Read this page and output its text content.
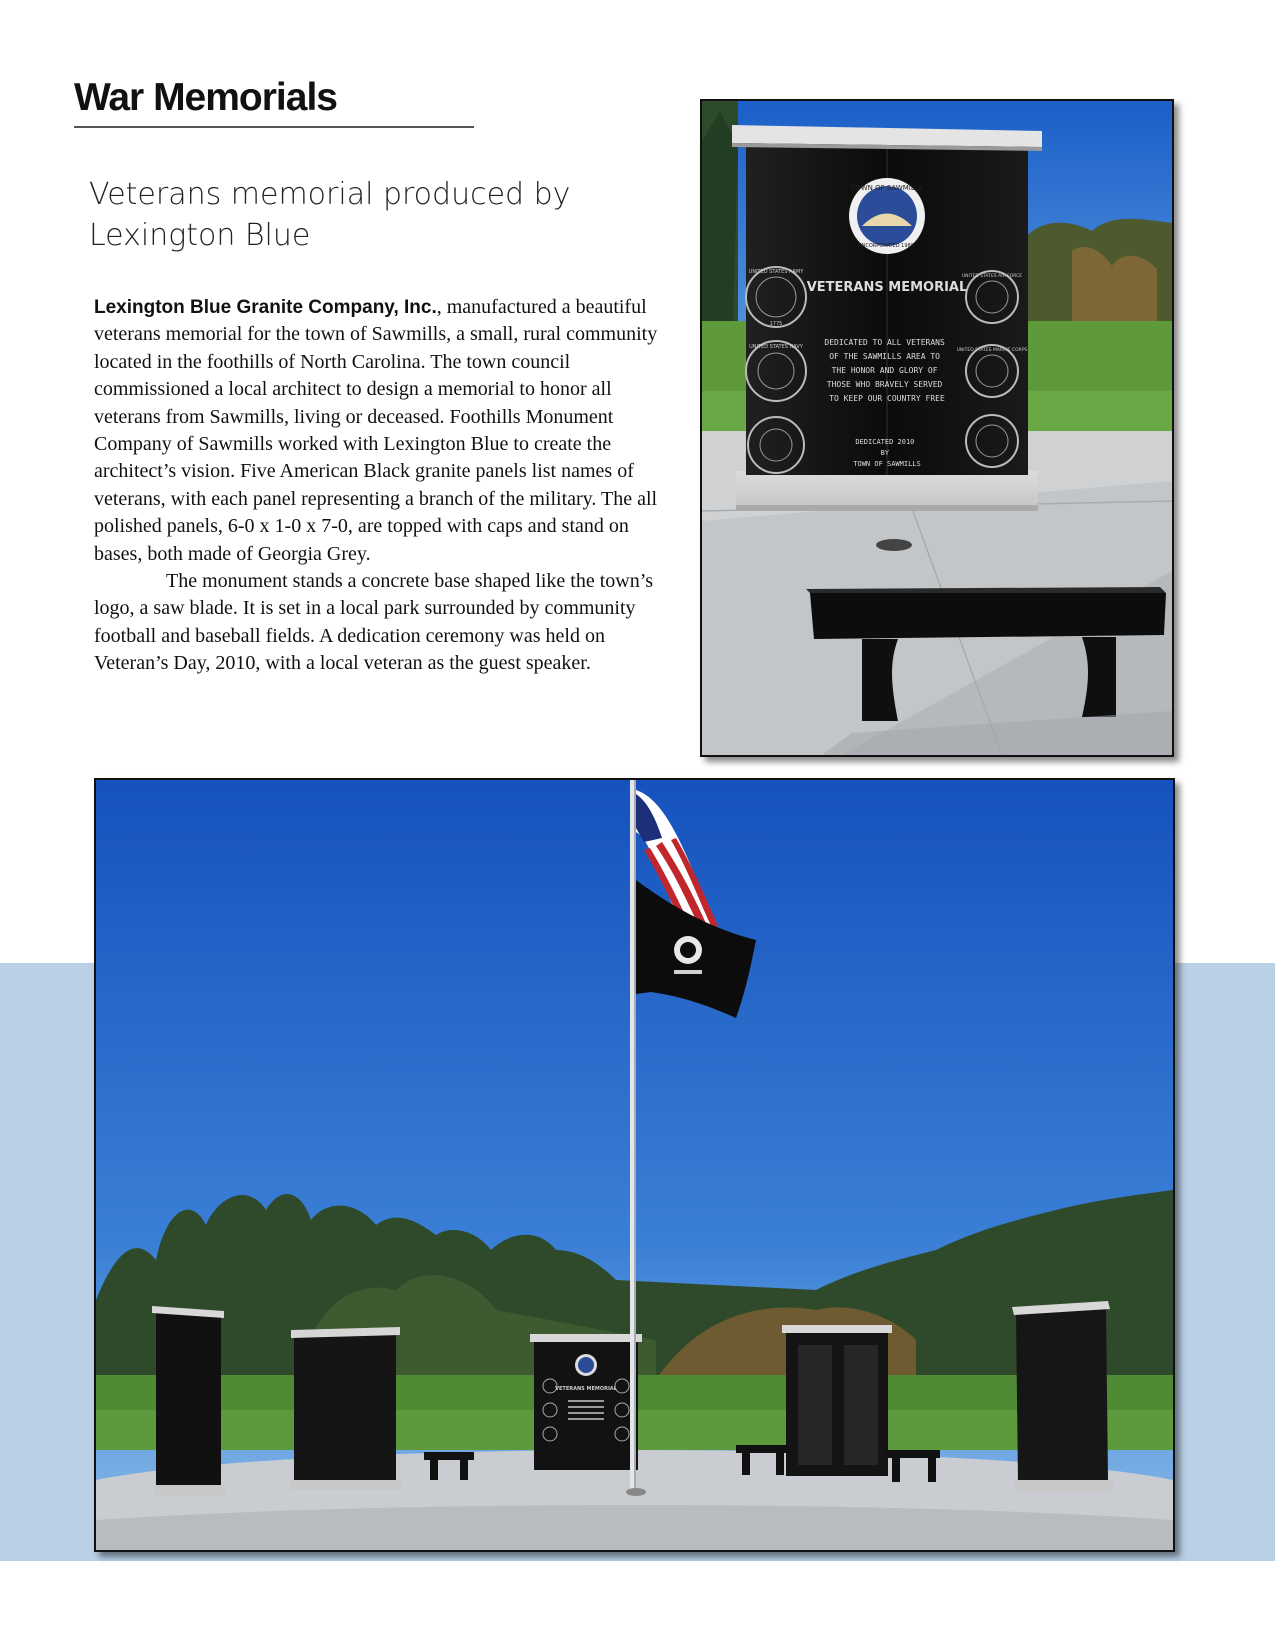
War Memorials
Veterans memorial produced by Lexington Blue

Lexington Blue Granite Company, Inc., manufactured a beautiful veterans memorial for the town of Sawmills, a small, rural community located in the foothills of North Carolina. The town council commissioned a local architect to design a memorial to honor all veterans from Sawmills, living or deceased. Foothills Monument Company of Sawmills worked with Lexington Blue to create the architect’s vision. Five American Black granite panels list names of veterans, with each panel representing a branch of the military. The all polished panels, 6-0 x 1-0 x 7-0, are topped with caps and stand on bases, both made of Georgia Grey.

The monument stands a concrete base shaped like the town’s logo, a saw blade. It is set in a local park surrounded by community football and baseball fields. A dedication ceremony was held on Veteran’s Day, 2010, with a local veteran as the guest speaker.

TOWN OF SAWMILLS
INCORPORATED 1988
VETERANS MEMORIAL
DEDICATED TO ALL VETERANS OF THE SAWMILLS AREA TO THE HONOR AND GLORY OF THOSE WHO BRAVELY SERVED TO KEEP OUR COUNTRY FREE
DEDICATED 2010 BY TOWN OF SAWMILLS
UNITED STATES ARMY
1775
UNITED STATES NAVY
UNITED STATES AIR FORCE
UNITED STATES MARINE CORPS
VETERANS MEMORIAL
